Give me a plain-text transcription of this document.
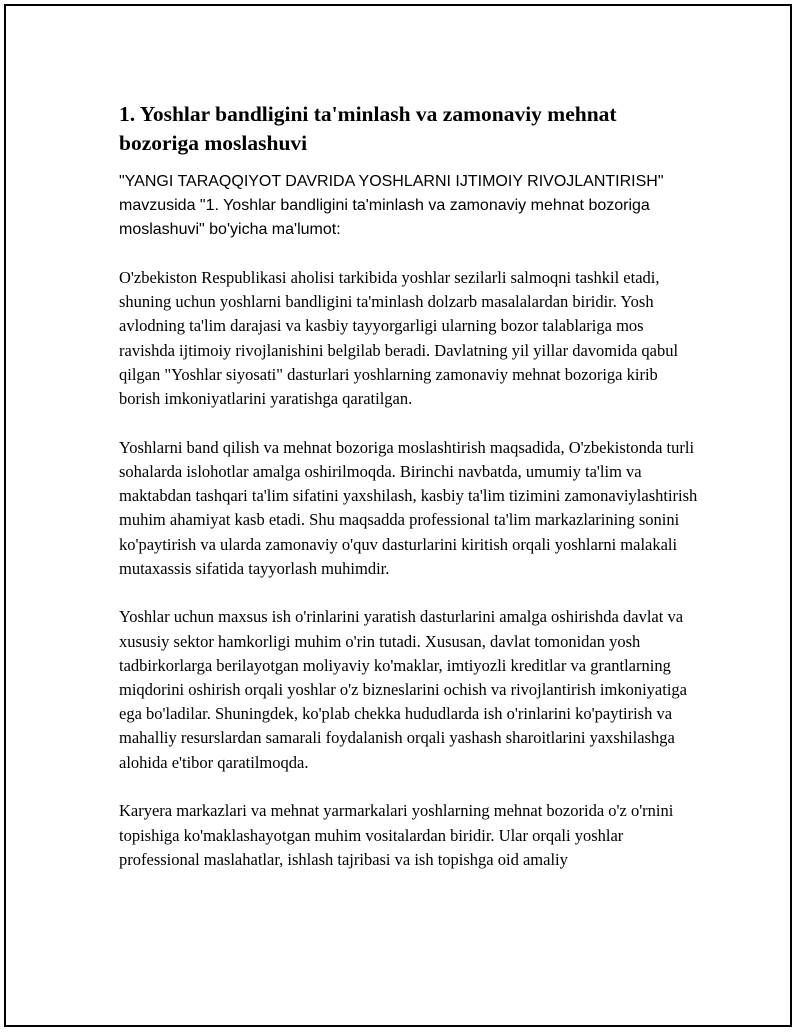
1. Yoshlar bandligini ta'minlash va zamonaviy mehnat bozoriga moslashuvi

"YANGI TARAQQIYOT DAVRIDA YOSHLARNI IJTIMOIY RIVOJLANTIRISH" mavzusida "1. Yoshlar bandligini ta'minlash va zamonaviy mehnat bozoriga moslashuvi" bo'yicha ma'lumot:

O'zbekiston Respublikasi aholisi tarkibida yoshlar sezilarli salmoqni tashkil etadi, shuning uchun yoshlarni bandligini ta'minlash dolzarb masalalardan biridir. Yosh avlodning ta'lim darajasi va kasbiy tayyorgarligi ularning bozor talablariga mos ravishda ijtimoiy rivojlanishini belgilab beradi. Davlatning yil yillar davomida qabul qilgan "Yoshlar siyosati" dasturlari yoshlarning zamonaviy mehnat bozoriga kirib borish imkoniyatlarini yaratishga qaratilgan.

Yoshlarni band qilish va mehnat bozoriga moslashtirish maqsadida, O'zbekistonda turli sohalarda islohotlar amalga oshirilmoqda. Birinchi navbatda, umumiy ta'lim va maktabdan tashqari ta'lim sifatini yaxshilash, kasbiy ta'lim tizimini zamonaviylashtirish muhim ahamiyat kasb etadi. Shu maqsadda professional ta'lim markazlarining sonini ko'paytirish va ularda zamonaviy o'quv dasturlarini kiritish orqali yoshlarni malakali mutaxassis sifatida tayyorlash muhimdir.

Yoshlar uchun maxsus ish o'rinlarini yaratish dasturlarini amalga oshirishda davlat va xususiy sektor hamkorligi muhim o'rin tutadi. Xususan, davlat tomonidan yosh tadbirkorlarga berilayotgan moliyaviy ko'maklar, imtiyozli kreditlar va grantlarning miqdorini oshirish orqali yoshlar o'z bizneslarini ochish va rivojlantirish imkoniyatiga ega bo'ladilar. Shuningdek, ko'plab chekka hududlarda ish o'rinlarini ko'paytirish va mahalliy resurslardan samarali foydalanish orqali yashash sharoitlarini yaxshilashga alohida e'tibor qaratilmoqda.

Karyera markazlari va mehnat yarmarkalari yoshlarning mehnat bozorida o'z o'rnini topishiga ko'maklashayotgan muhim vositalardan biridir. Ular orqali yoshlar professional maslahatlar, ishlash tajribasi va ish topishga oid amaliy
